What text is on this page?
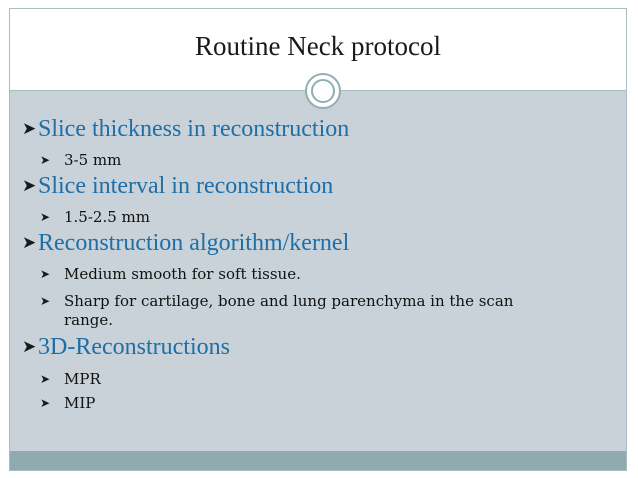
Routine Neck protocol
➤Slice thickness in reconstruction
➤ 3-5 mm
➤Slice interval in reconstruction
➤ 1.5-2.5 mm
➤Reconstruction algorithm/kernel
➤ Medium smooth for soft tissue.
➤ Sharp for cartilage, bone and lung parenchyma in the scan
range.
➤3D-Reconstructions
➤ MPR
➤ MIP
